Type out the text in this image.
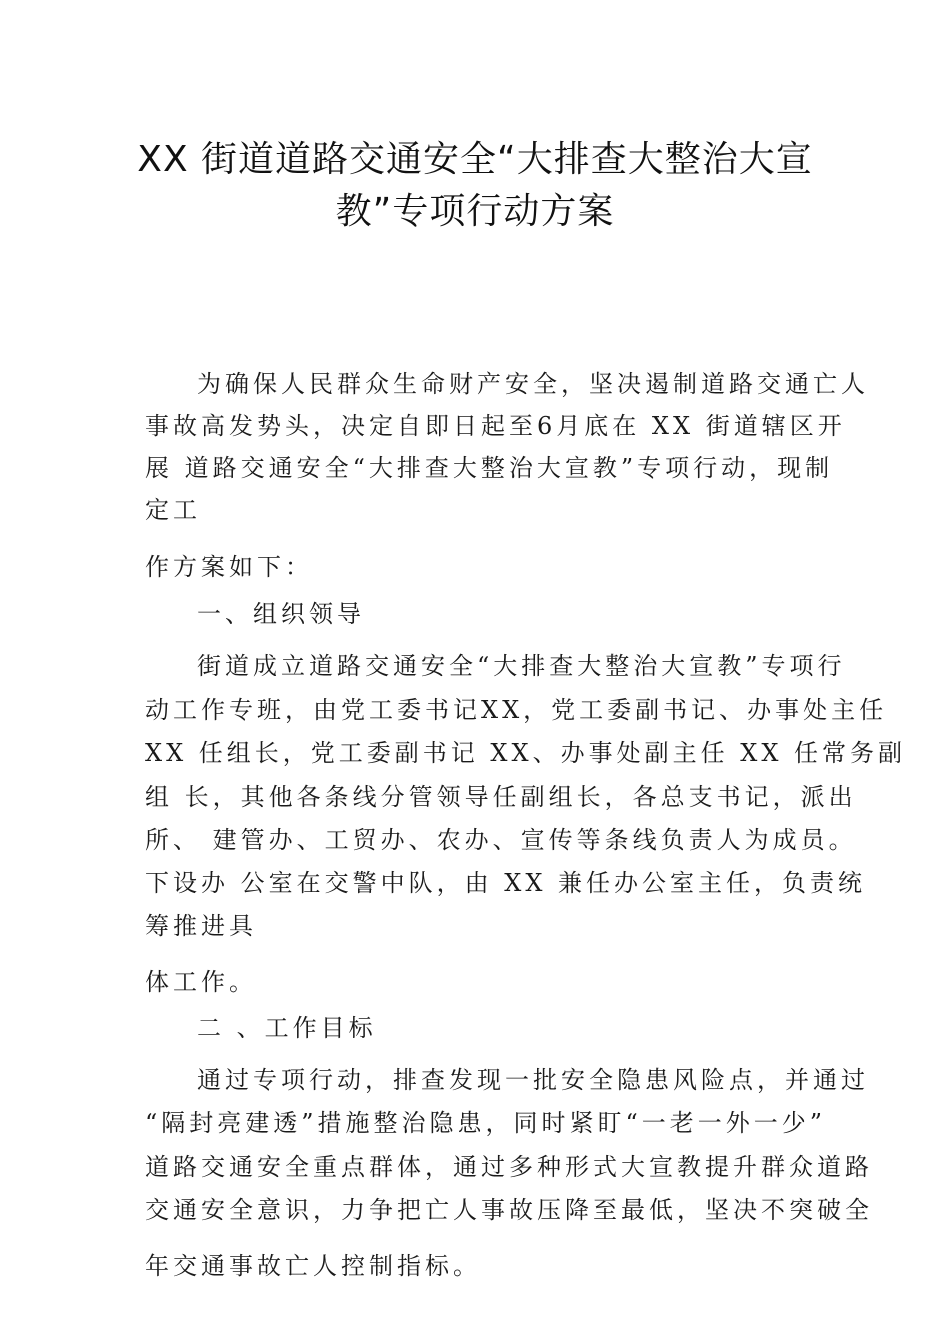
XX 街道道路交通安全“大排查大整治大宣
教”专项行动方案
为确保人民群众生命财产安全，坚决遏制道路交通亡人
事故高发势头，决定自即日起至6月底在 XX 街道辖区开
展 道路交通安全“大排查大整治大宣教”专项行动，现制
定工
作方案如下：
一、组织领导
街道成立道路交通安全“大排查大整治大宣教”专项行
动工作专班，由党工委书记XX，党工委副书记、办事处主任
XX 任组长，党工委副书记 XX、办事处副主任 XX 任常务副
组 长，其他各条线分管领导任副组长，各总支书记，派出
所、 建管办、工贸办、农办、宣传等条线负责人为成员。
下设办 公室在交警中队，由 XX 兼任办公室主任，负责统
筹推进具
体工作。
二 、工作目标
通过专项行动，排查发现一批安全隐患风险点，并通过
“隔封亮建透”措施整治隐患，同时紧盯“一老一外一少”
道路交通安全重点群体，通过多种形式大宣教提升群众道路
交通安全意识，力争把亡人事故压降至最低，坚决不突破全
年交通事故亡人控制指标。
